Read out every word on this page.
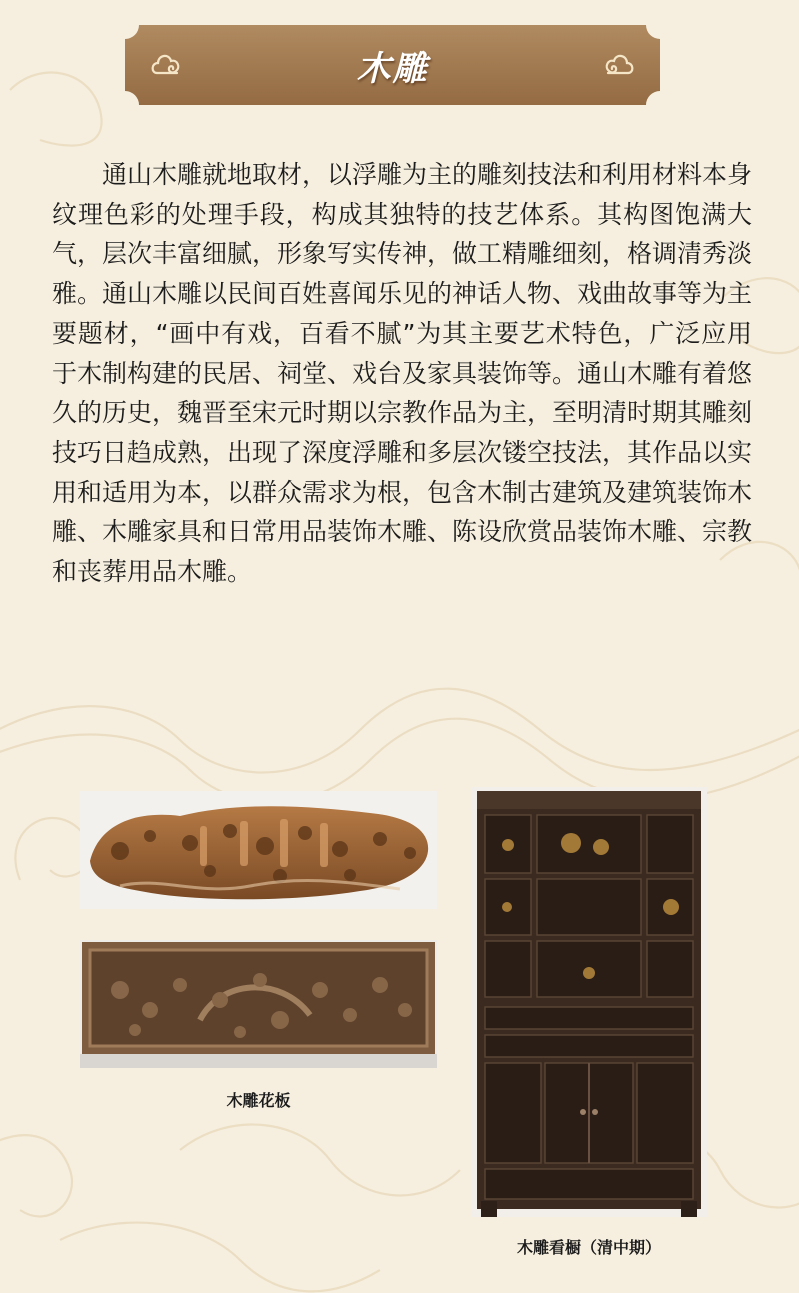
木雕

通山木雕就地取材，以浮雕为主的雕刻技法和利用材料本身纹理色彩的处理手段，构成其独特的技艺体系。其构图饱满大气，层次丰富细腻，形象写实传神，做工精雕细刻，格调清秀淡雅。通山木雕以民间百姓喜闻乐见的神话人物、戏曲故事等为主要题材，“画中有戏，百看不腻”为其主要艺术特色，广泛应用于木制构建的民居、祠堂、戏台及家具装饰等。通山木雕有着悠久的历史，魏晋至宋元时期以宗教作品为主，至明清时期其雕刻技巧日趋成熟，出现了深度浮雕和多层次镂空技法，其作品以实用和适用为本，以群众需求为根，包含木制古建筑及建筑装饰木雕、木雕家具和日常用品装饰木雕、陈设欣赏品装饰木雕、宗教和丧葬用品木雕。

木雕花板
木雕看橱（清中期）
